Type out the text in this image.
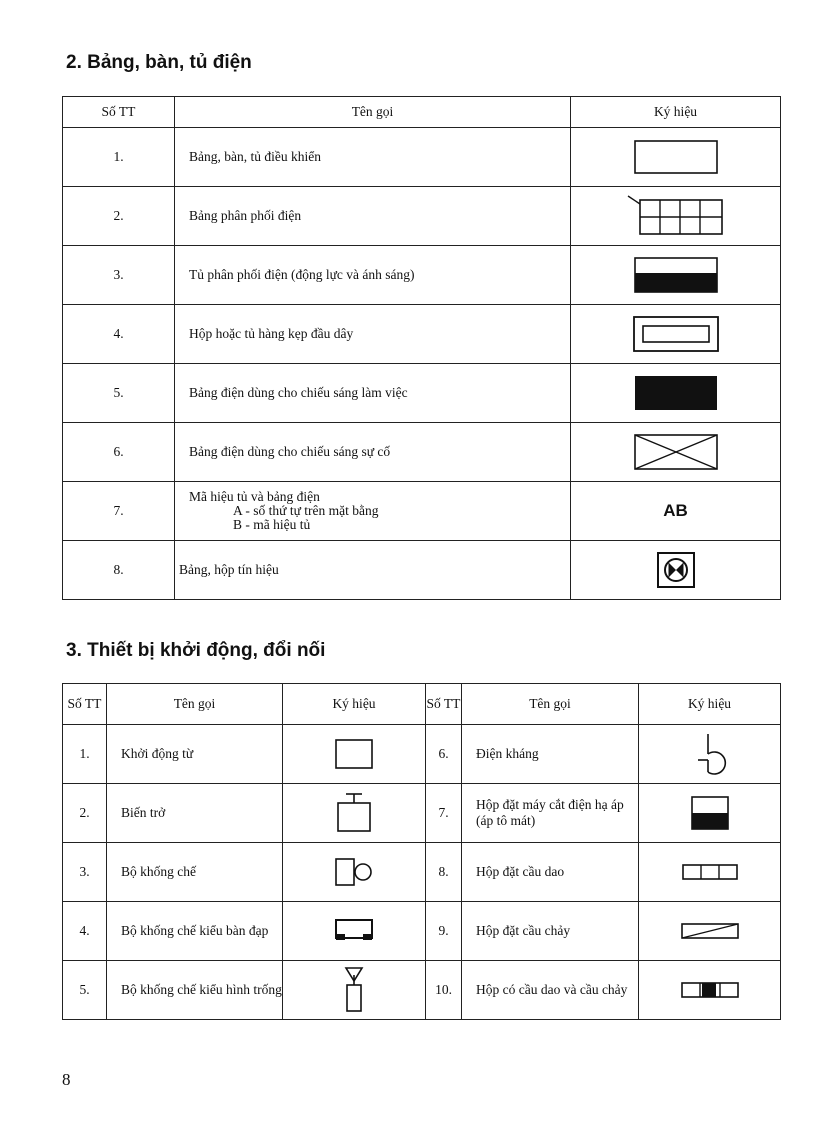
2. Bảng, bàn, tủ điện
Số TT	Tên gọi	Ký hiệu
1.	Bảng, bàn, tủ điều khiển	
2.	Bảng phân phối điện	
3.	Tủ phân phối điện (động lực và ánh sáng)	
4.	Hộp hoặc tủ hàng kẹp đầu dây	
5.	Bảng điện dùng cho chiếu sáng làm việc	
6.	Bảng điện dùng cho chiếu sáng sự cố	
7.	Mã hiệu tủ và bảng điện
A - số thứ tự trên mặt bằng
B - mã hiệu tủ	AB
8.	Bảng, hộp tín hiệu	
3. Thiết bị khởi động, đổi nối
Số TT	Tên gọi	Ký hiệu	Số TT	Tên gọi	Ký hiệu
1.	Khởi động từ		6.	Điện kháng	
2.	Biến trở		7.	Hộp đặt máy cắt điện hạ áp (áp tô mát)	
3.	Bộ khống chế		8.	Hộp đặt cầu dao	
4.	Bộ khống chế kiểu bàn đạp		9.	Hộp đặt cầu chảy	
5.	Bộ khống chế kiểu hình trống		10.	Hộp có cầu dao và cầu chảy	
8
